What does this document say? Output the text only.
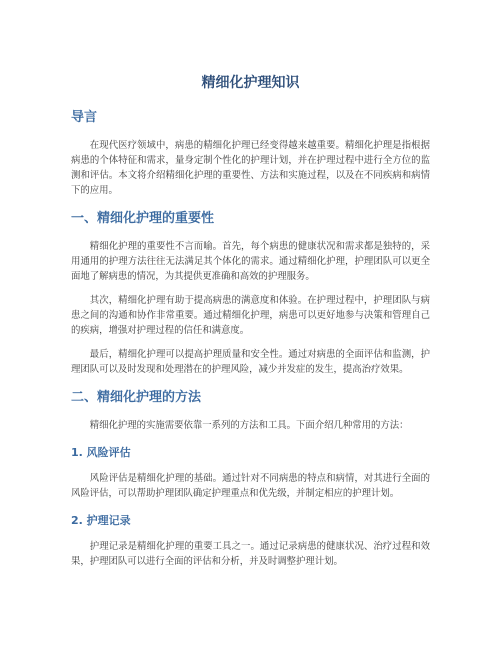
精细化护理知识
导言

在现代医疗领域中，病患的精细化护理已经变得越来越重要。精细化护理是指根据病患的个体特征和需求，量身定制个性化的护理计划，并在护理过程中进行全方位的监测和评估。本文将介绍精细化护理的重要性、方法和实施过程，以及在不同疾病和病情下的应用。

一、精细化护理的重要性

精细化护理的重要性不言而喻。首先，每个病患的健康状况和需求都是独特的，采用通用的护理方法往往无法满足其个体化的需求。通过精细化护理，护理团队可以更全面地了解病患的情况，为其提供更准确和高效的护理服务。

其次，精细化护理有助于提高病患的满意度和体验。在护理过程中，护理团队与病患之间的沟通和协作非常重要。通过精细化护理，病患可以更好地参与决策和管理自己的疾病，增强对护理过程的信任和满意度。

最后，精细化护理可以提高护理质量和安全性。通过对病患的全面评估和监测，护理团队可以及时发现和处理潜在的护理风险，减少并发症的发生，提高治疗效果。

二、精细化护理的方法

精细化护理的实施需要依靠一系列的方法和工具。下面介绍几种常用的方法：

1. 风险评估

风险评估是精细化护理的基础。通过针对不同病患的特点和病情，对其进行全面的风险评估，可以帮助护理团队确定护理重点和优先级，并制定相应的护理计划。

2. 护理记录

护理记录是精细化护理的重要工具之一。通过记录病患的健康状况、治疗过程和效果，护理团队可以进行全面的评估和分析，并及时调整护理计划。
